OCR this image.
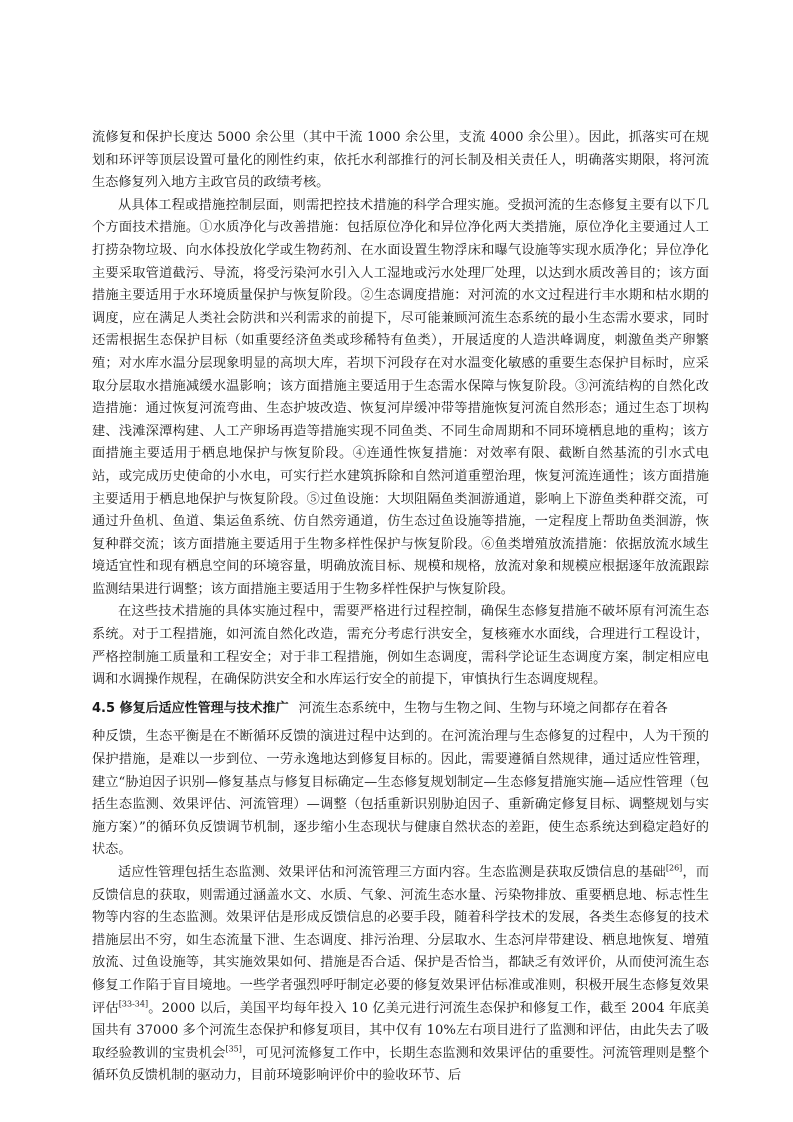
流修复和保护长度达 5000 余公里（其中干流 1000 余公里，支流 4000 余公里）。因此，抓落实可在规划和环评等顶层设置可量化的刚性约束，依托水利部推行的河长制及相关责任人，明确落实期限，将河流生态修复列入地方主政官员的政绩考核。

从具体工程或措施控制层面，则需把控技术措施的科学合理实施。受损河流的生态修复主要有以下几个方面技术措施。①水质净化与改善措施：包括原位净化和异位净化两大类措施，原位净化主要通过人工打捞杂物垃圾、向水体投放化学或生物药剂、在水面设置生物浮床和曝气设施等实现水质净化；异位净化主要采取管道截污、导流，将受污染河水引入人工湿地或污水处理厂处理，以达到水质改善目的；该方面措施主要适用于水环境质量保护与恢复阶段。②生态调度措施：对河流的水文过程进行丰水期和枯水期的调度，应在满足人类社会防洪和兴利需求的前提下，尽可能兼顾河流生态系统的最小生态需水要求，同时还需根据生态保护目标（如重要经济鱼类或珍稀特有鱼类），开展适度的人造洪峰调度，刺激鱼类产卵繁殖；对水库水温分层现象明显的高坝大库，若坝下河段存在对水温变化敏感的重要生态保护目标时，应采取分层取水措施减缓水温影响；该方面措施主要适用于生态需水保障与恢复阶段。③河流结构的自然化改造措施：通过恢复河流弯曲、生态护坡改造、恢复河岸缓冲带等措施恢复河流自然形态；通过生态丁坝构建、浅滩深潭构建、人工产卵场再造等措施实现不同鱼类、不同生命周期和不同环境栖息地的重构；该方面措施主要适用于栖息地保护与恢复阶段。④连通性恢复措施：对效率有限、截断自然基流的引水式电站，或完成历史使命的小水电，可实行拦水建筑拆除和自然河道重塑治理，恢复河流连通性；该方面措施主要适用于栖息地保护与恢复阶段。⑤过鱼设施：大坝阻隔鱼类洄游通道，影响上下游鱼类种群交流，可通过升鱼机、鱼道、集运鱼系统、仿自然旁通道，仿生态过鱼设施等措施，一定程度上帮助鱼类洄游，恢复种群交流；该方面措施主要适用于生物多样性保护与恢复阶段。⑥鱼类增殖放流措施：依据放流水域生境适宜性和现有栖息空间的环境容量，明确放流目标、规模和规格，放流对象和规模应根据逐年放流跟踪监测结果进行调整；该方面措施主要适用于生物多样性保护与恢复阶段。

在这些技术措施的具体实施过程中，需要严格进行过程控制，确保生态修复措施不破坏原有河流生态系统。对于工程措施，如河流自然化改造，需充分考虑行洪安全，复核雍水水面线，合理进行工程设计，严格控制施工质量和工程安全；对于非工程措施，例如生态调度，需科学论证生态调度方案，制定相应电调和水调操作规程，在确保防洪安全和水库运行安全的前提下，审慎执行生态调度规程。

4.5 修复后适应性管理与技术推广 河流生态系统中，生物与生物之间、生物与环境之间都存在着各

种反馈，生态平衡是在不断循环反馈的演进过程中达到的。在河流治理与生态修复的过程中，人为干预的保护措施，是难以一步到位、一劳永逸地达到修复目标的。因此，需要遵循自然规律，通过适应性管理，建立“胁迫因子识别—修复基点与修复目标确定—生态修复规划制定—生态修复措施实施—适应性管理（包括生态监测、效果评估、河流管理）—调整（包括重新识别胁迫因子、重新确定修复目标、调整规划与实施方案）”的循环负反馈调节机制，逐步缩小生态现状与健康自然状态的差距，使生态系统达到稳定趋好的状态。

适应性管理包括生态监测、效果评估和河流管理三方面内容。生态监测是获取反馈信息的基础[26]，而反馈信息的获取，则需通过涵盖水文、水质、气象、河流生态水量、污染物排放、重要栖息地、标志性生物等内容的生态监测。效果评估是形成反馈信息的必要手段，随着科学技术的发展，各类生态修复的技术措施层出不穷，如生态流量下泄、生态调度、排污治理、分层取水、生态河岸带建设、栖息地恢复、增殖放流、过鱼设施等，其实施效果如何、措施是否合适、保护是否恰当，都缺乏有效评价，从而使河流生态修复工作陷于盲目境地。一些学者强烈呼吁制定必要的修复效果评估标准或准则，积极开展生态修复效果评估[33-34]。2000 以后，美国平均每年投入 10 亿美元进行河流生态保护和修复工作，截至 2004 年底美国共有 37000 多个河流生态保护和修复项目，其中仅有 10%左右项目进行了监测和评估，由此失去了吸取经验教训的宝贵机会[35]，可见河流修复工作中，长期生态监测和效果评估的重要性。河流管理则是整个循环负反馈机制的驱动力，目前环境影响评价中的验收环节、后
